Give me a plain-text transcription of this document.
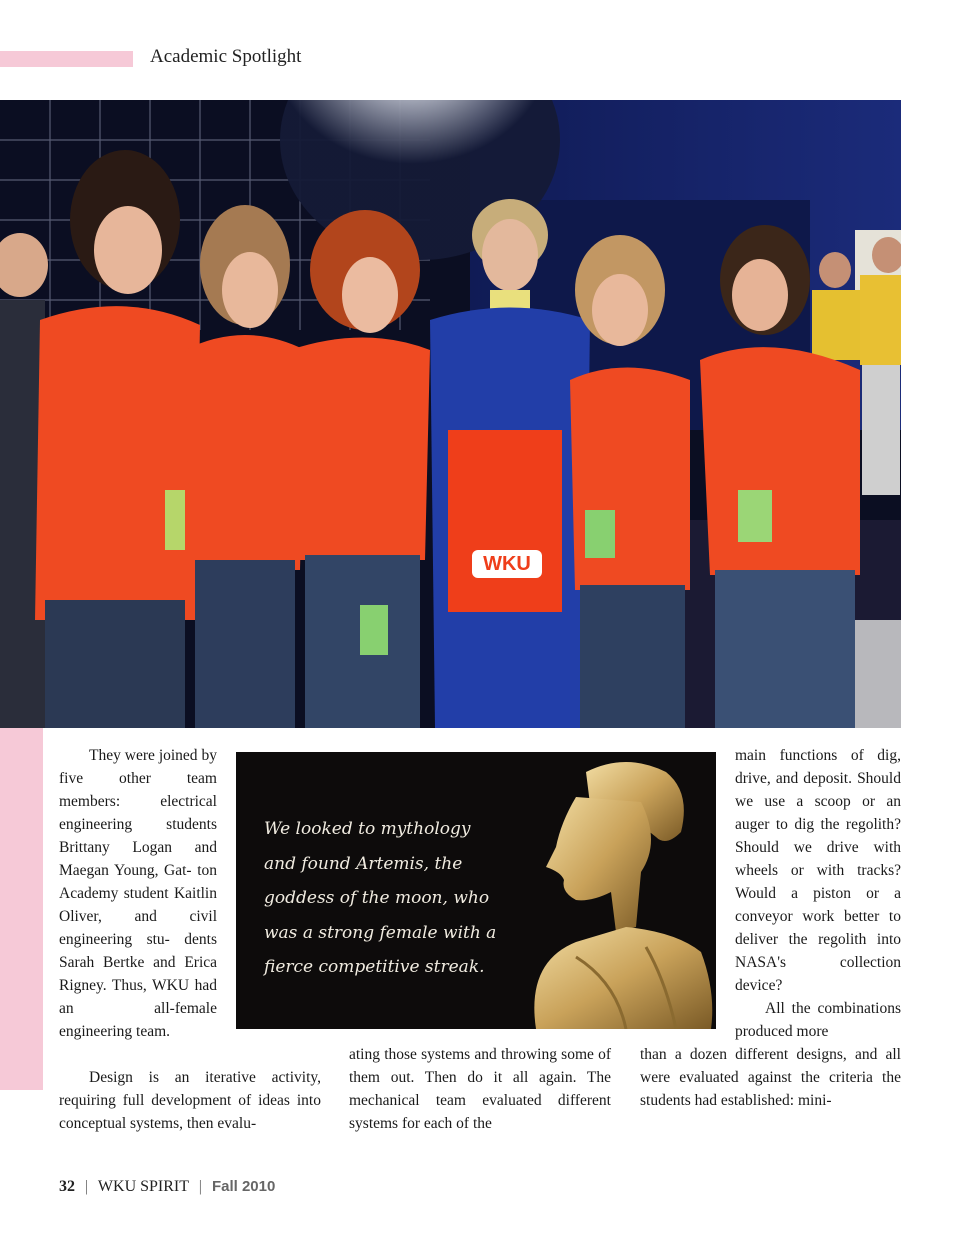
Academic Spotlight
WKU

They were joined by five other team members: electrical engineering students Brittany Logan and Maegan Young, Gat- ton Academy student Kaitlin Oliver, and civil engineering stu- dents Sarah Bertke and Erica Rigney. Thus, WKU had an	all-female engineering team.

Design is an iterative activity, requiring full development of ideas into conceptual systems, then evalu-

We looked to mythology
and found Artemis, the
goddess of the moon, who
was a strong female with a
fierce competitive streak.

ating those systems and throwing some of them out. Then do it all again. The mechanical team evaluated different systems for each of the

main functions of dig, drive, and deposit. Should we use a scoop or an auger to dig the regolith? Should we drive with wheels or with tracks? Would a piston or a conveyor work better to deliver the regolith into NASA's collection device?

All the combinations produced more

than a dozen different designs, and all were evaluated against the criteria the students had established: mini-

32 | WKU SPIRIT | Fall 2010
